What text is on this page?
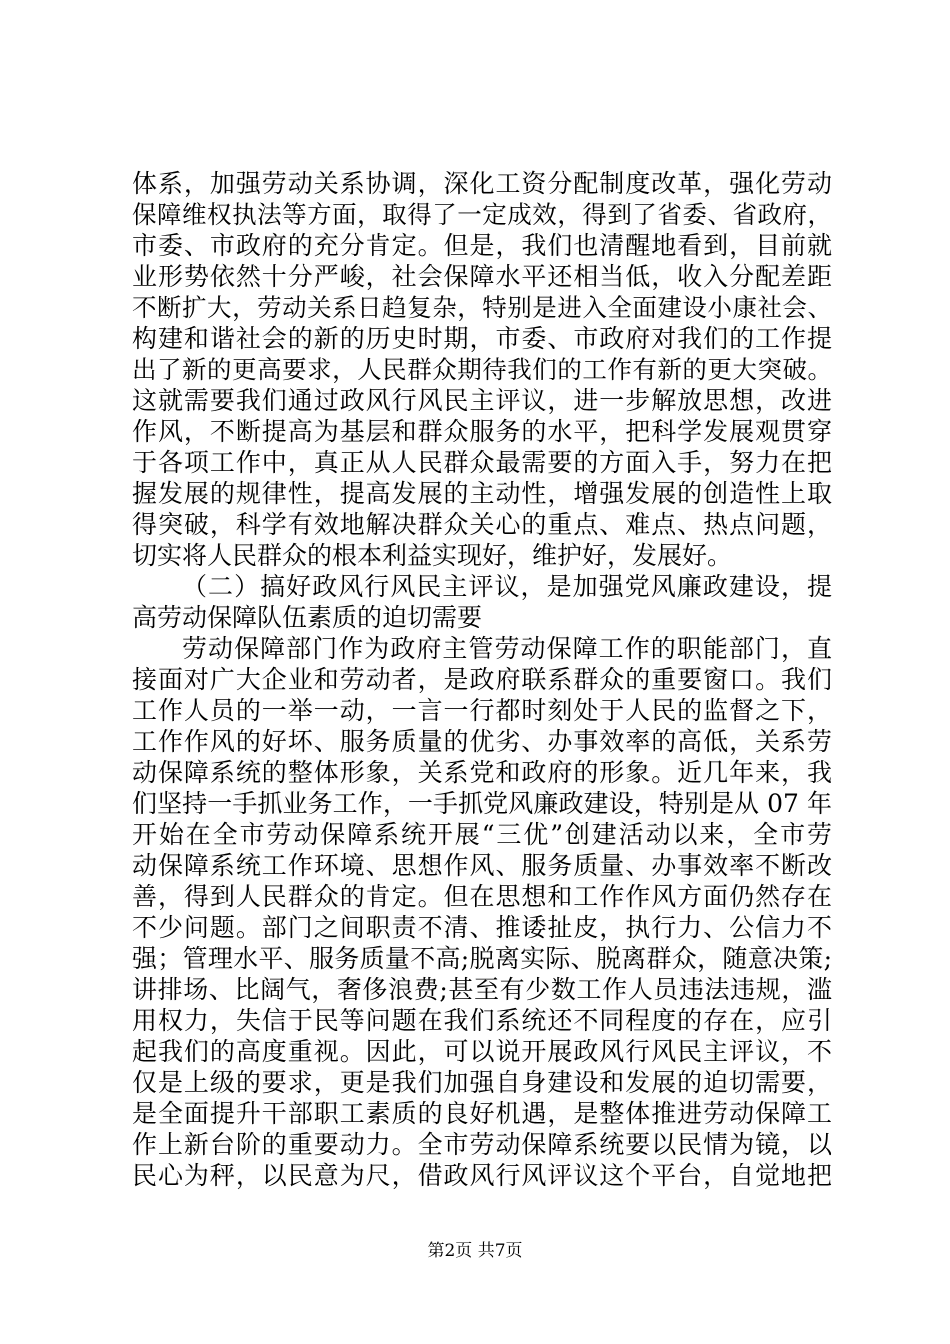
体系，加强劳动关系协调，深化工资分配制度改革，强化劳动
保障维权执法等方面，取得了一定成效，得到了省委、省政府，
市委、市政府的充分肯定。但是，我们也清醒地看到，目前就
业形势依然十分严峻，社会保障水平还相当低，收入分配差距
不断扩大，劳动关系日趋复杂，特别是进入全面建设小康社会、
构建和谐社会的新的历史时期，市委、市政府对我们的工作提
出了新的更高要求，人民群众期待我们的工作有新的更大突破。
这就需要我们通过政风行风民主评议，进一步解放思想，改进
作风，不断提高为基层和群众服务的水平，把科学发展观贯穿
于各项工作中，真正从人民群众最需要的方面入手，努力在把
握发展的规律性，提高发展的主动性，增强发展的创造性上取
得突破，科学有效地解决群众关心的重点、难点、热点问题，
切实将人民群众的根本利益实现好，维护好，发展好。
（二）搞好政风行风民主评议，是加强党风廉政建设，提
高劳动保障队伍素质的迫切需要
劳动保障部门作为政府主管劳动保障工作的职能部门，直
接面对广大企业和劳动者，是政府联系群众的重要窗口。我们
工作人员的一举一动，一言一行都时刻处于人民的监督之下，
工作作风的好坏、服务质量的优劣、办事效率的高低，关系劳
动保障系统的整体形象，关系党和政府的形象。近几年来，我
们坚持一手抓业务工作，一手抓党风廉政建设，特别是从 07 年
开始在全市劳动保障系统开展“三优”创建活动以来，全市劳
动保障系统工作环境、思想作风、服务质量、办事效率不断改
善，得到人民群众的肯定。但在思想和工作作风方面仍然存在
不少问题。部门之间职责不清、推诿扯皮，执行力、公信力不
强；管理水平、服务质量不高;脱离实际、脱离群众，随意决策;
讲排场、比阔气，奢侈浪费;甚至有少数工作人员违法违规，滥
用权力，失信于民等问题在我们系统还不同程度的存在，应引
起我们的高度重视。因此，可以说开展政风行风民主评议，不
仅是上级的要求，更是我们加强自身建设和发展的迫切需要，
是全面提升干部职工素质的良好机遇，是整体推进劳动保障工
作上新台阶的重要动力。全市劳动保障系统要以民情为镜，以
民心为秤，以民意为尺，借政风行风评议这个平台，自觉地把
第2页 共7页
